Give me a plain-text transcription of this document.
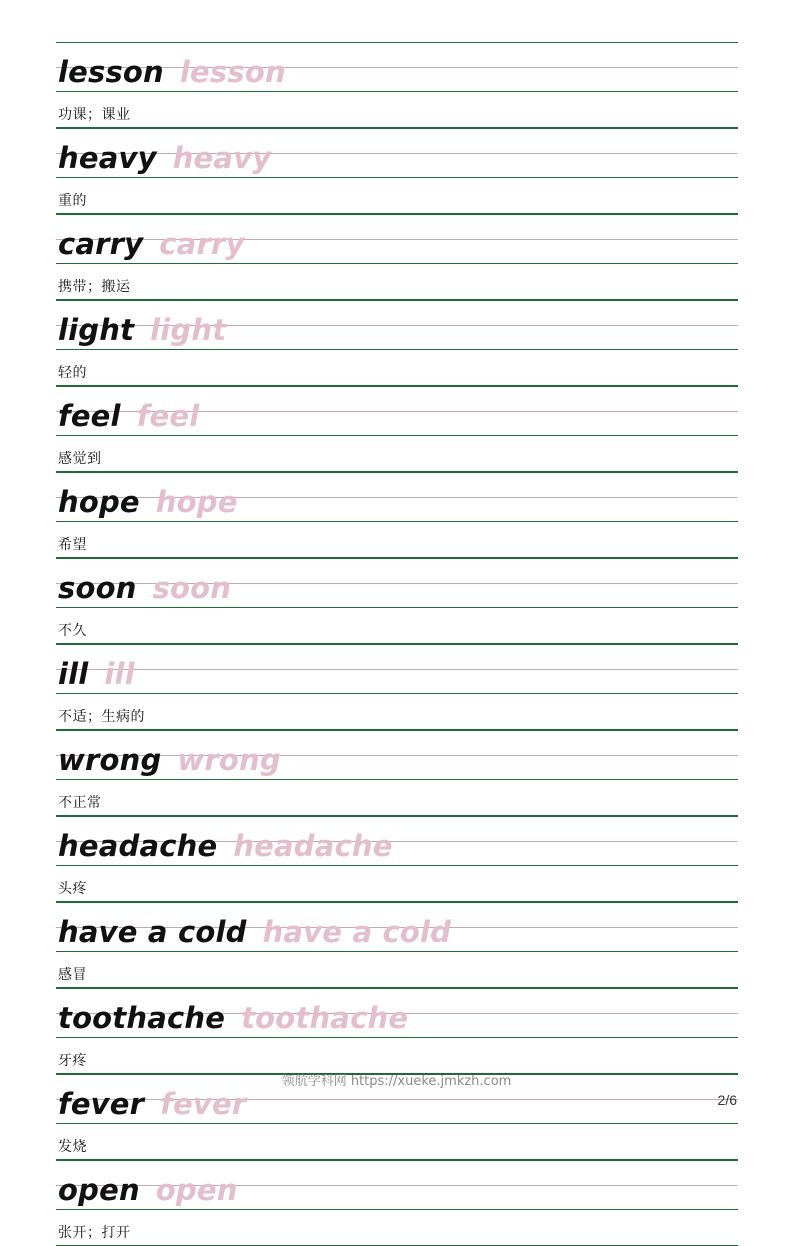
lesson lesson
功课；课业
heavy heavy
重的
carry carry
携带；搬运
light light
轻的
feel feel
感觉到
hope hope
希望
soon soon
不久
ill ill
不适；生病的
wrong wrong
不正常
headache headache
头疼
have a cold have a cold
感冒
toothache toothache
牙疼
fever fever
发烧
open open
张开；打开
领航学科网 https://xueke.jmkzh.com
2/6
